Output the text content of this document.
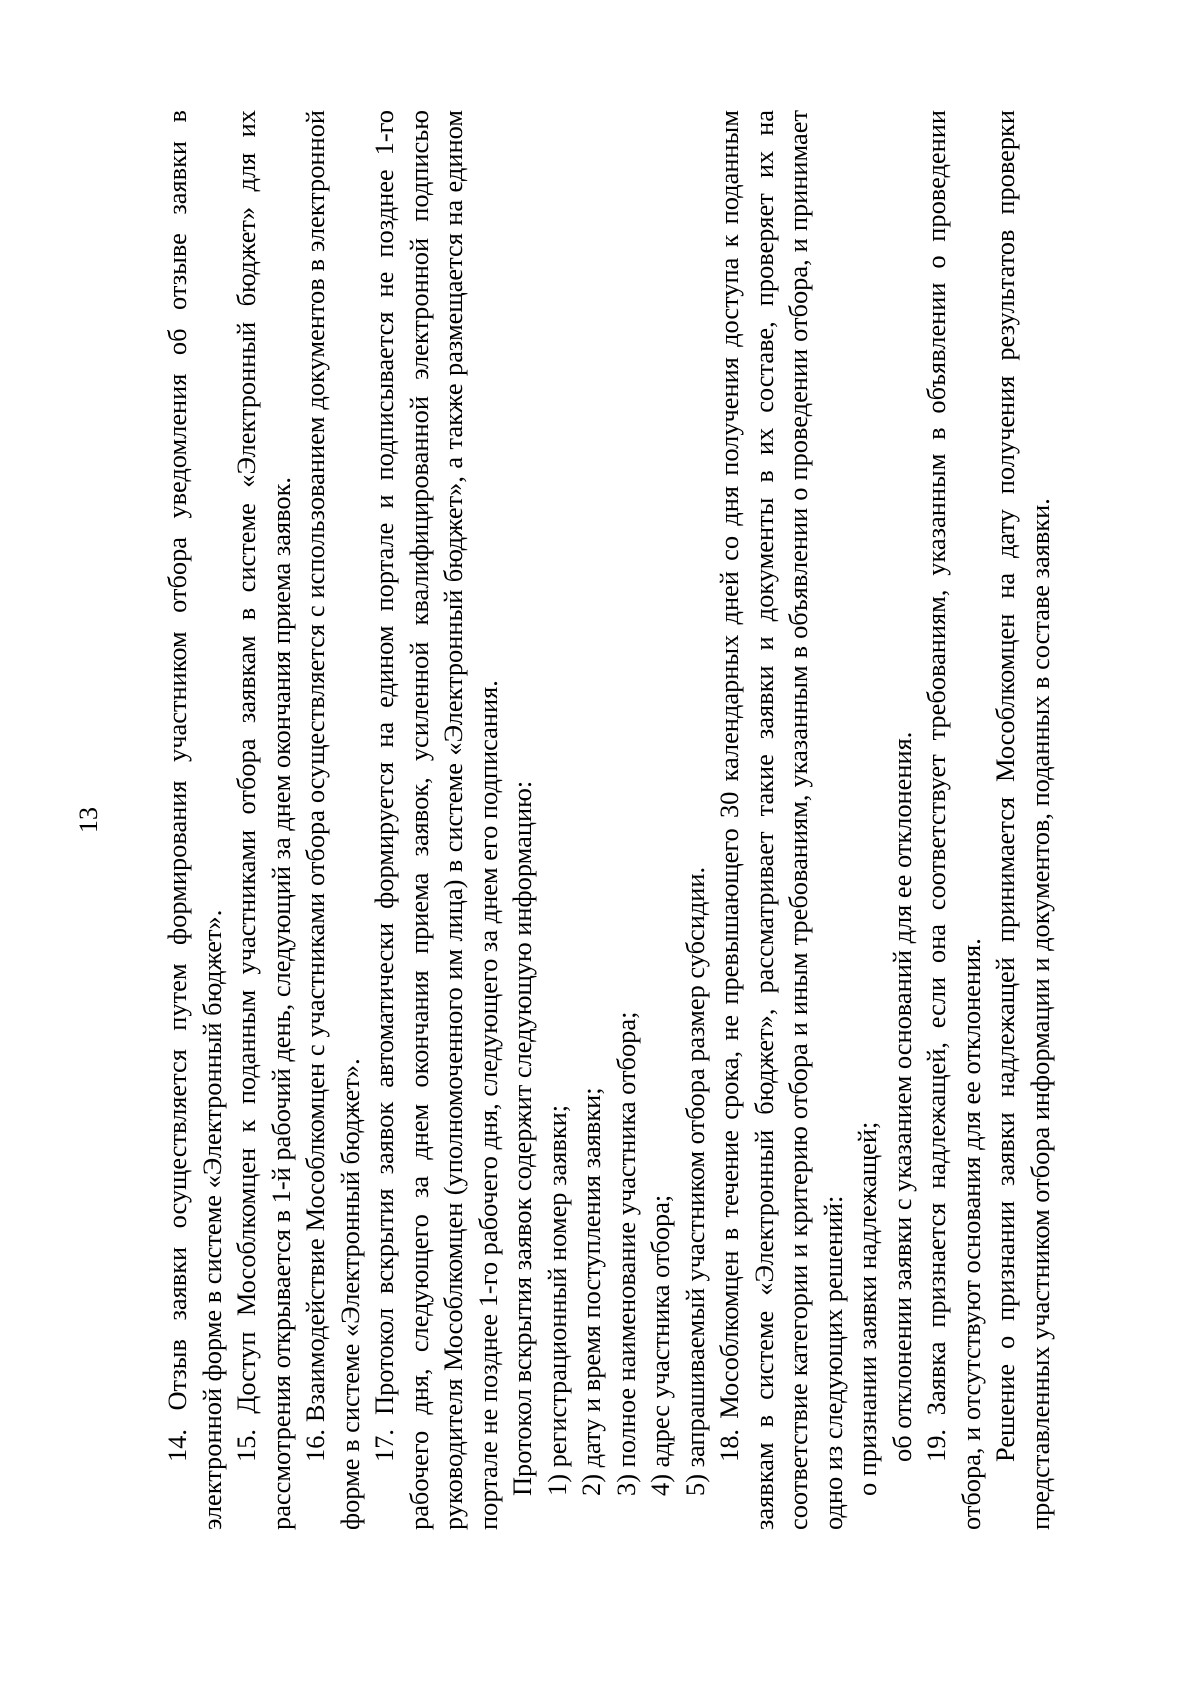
13 14. Отзыв заявки осуществляется путем формирования участником отбора уведомления об отзыве заявки в электронной форме в системе «Электронный бюджет». 15. Доступ Мособлкомцен к поданным участниками отбора заявкам в системе «Электронный бюджет» для их рассмотрения открывается в 1-й рабочий день, следующий за днем окончания приема заявок. 16. Взаимодействие Мособлкомцен с участниками отбора осуществляется с использованием документов в электронной форме в системе «Электронный бюджет». 17. Протокол вскрытия заявок автоматически формируется на едином портале и подписывается не позднее 1-го рабочего дня, следующего за днем окончания приема заявок, усиленной квалифицированной электронной подписью руководителя Мособлкомцен (уполномоченного им лица) в системе «Электронный бюджет», а также размещается на едином портале не позднее 1-го рабочего дня, следующего за днем его подписания. Протокол вскрытия заявок содержит следующую информацию: 1) регистрационный номер заявки; 2) дату и время поступления заявки; 3) полное наименование участника отбора; 4) адрес участника отбора; 5) запрашиваемый участником отбора размер субсидии. 18. Мособлкомцен в течение срока, не превышающего 30 календарных дней со дня получения доступа к поданным заявкам в системе «Электронный бюджет», рассматривает такие заявки и документы в их составе, проверяет их на соответствие категории и критерию отбора и иным требованиям, указанным в объявлении о проведении отбора, и принимает одно из следующих решений: о признании заявки надлежащей; об отклонении заявки с указанием оснований для ее отклонения. 19. Заявка признается надлежащей, если она соответствует требованиям, указанным в объявлении о проведении отбора, и отсутствуют основания для ее отклонения. Решение о признании заявки надлежащей принимается Мособлкомцен на дату получения результатов проверки представленных участником отбора информации и документов, поданных в составе заявки.
